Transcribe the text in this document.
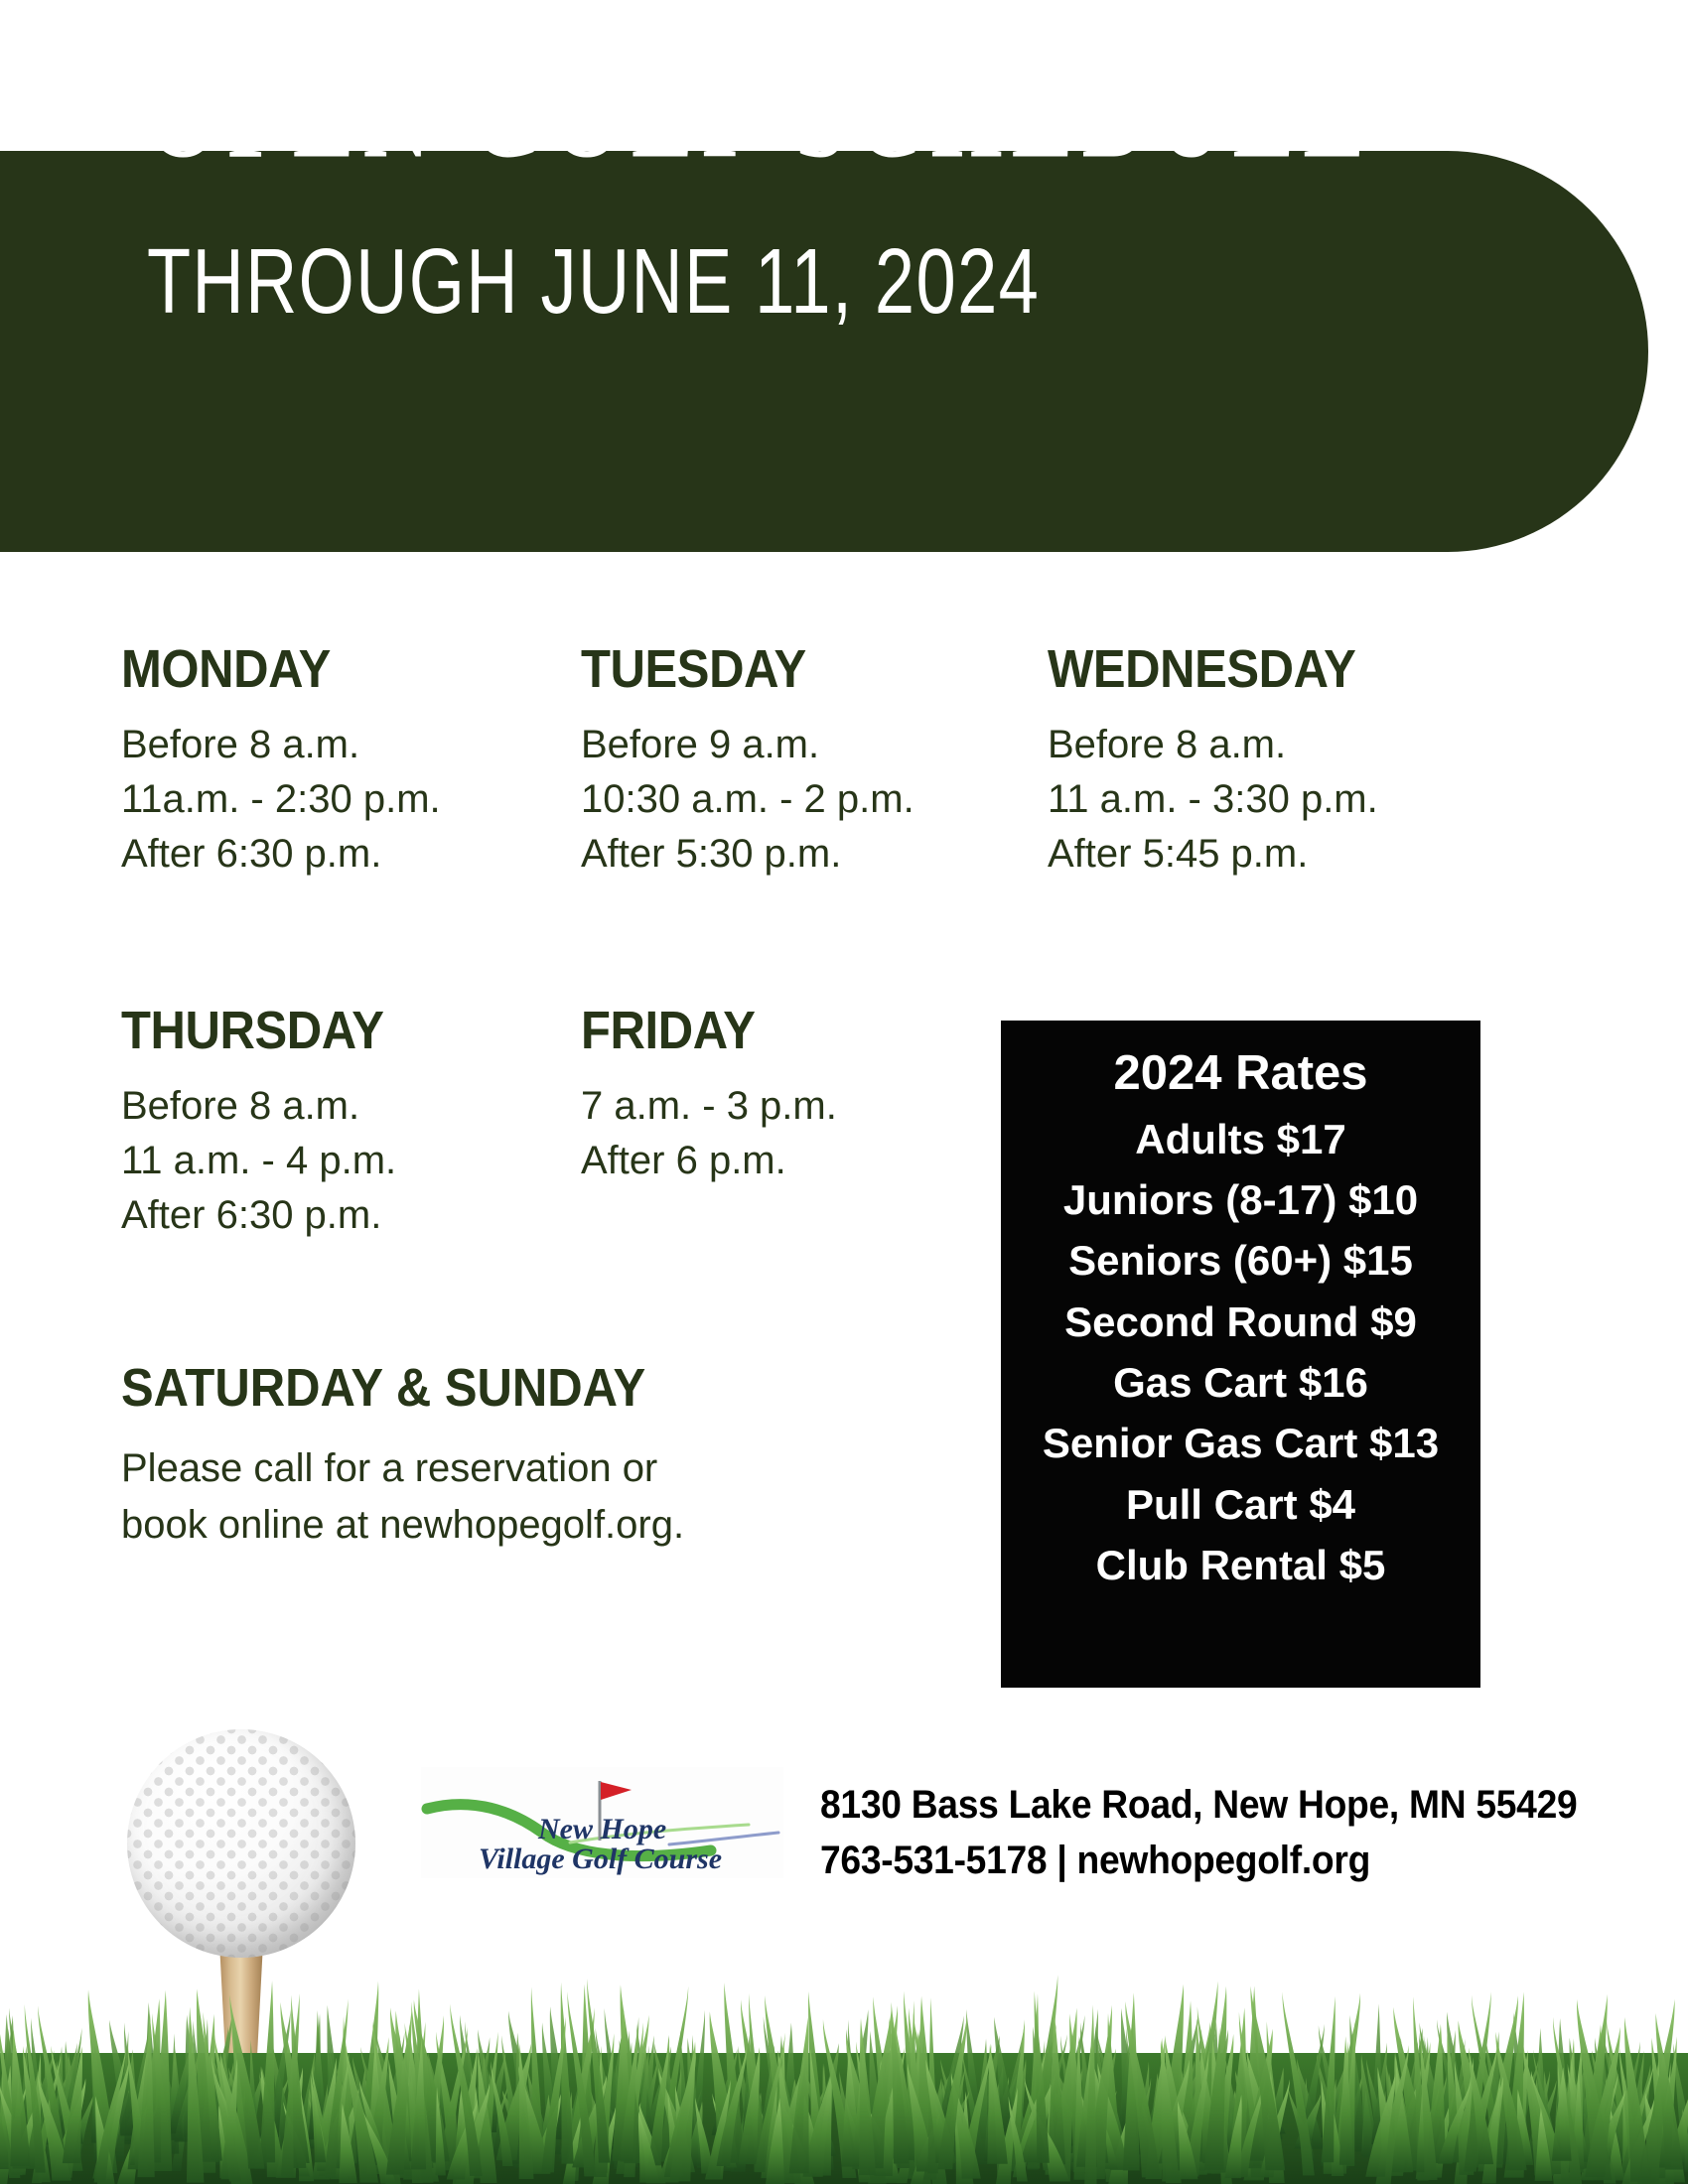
OPEN GOLF SCHEDULE
THROUGH JUNE 11, 2024
MONDAY
Before 8 a.m.
11a.m. - 2:30 p.m.
After 6:30 p.m.
TUESDAY
Before 9 a.m.
10:30 a.m. - 2 p.m.
After 5:30 p.m.
WEDNESDAY
Before 8 a.m.
11 a.m. - 3:30 p.m.
After 5:45 p.m.
THURSDAY
Before 8 a.m.
11 a.m. - 4 p.m.
After 6:30 p.m.
FRIDAY
7 a.m. - 3 p.m.
After 6 p.m.
SATURDAY & SUNDAY
Please call for a reservation or
book online at newhopegolf.org.
2024 Rates
Adults $17
Juniors (8-17) $10
Seniors (60+) $15
Second Round $9
Gas Cart $16
Senior Gas Cart $13
Pull Cart $4
Club Rental $5
New Hope
Village Golf Course
8130 Bass Lake Road, New Hope, MN 55429
763-531-5178 | newhopegolf.org
